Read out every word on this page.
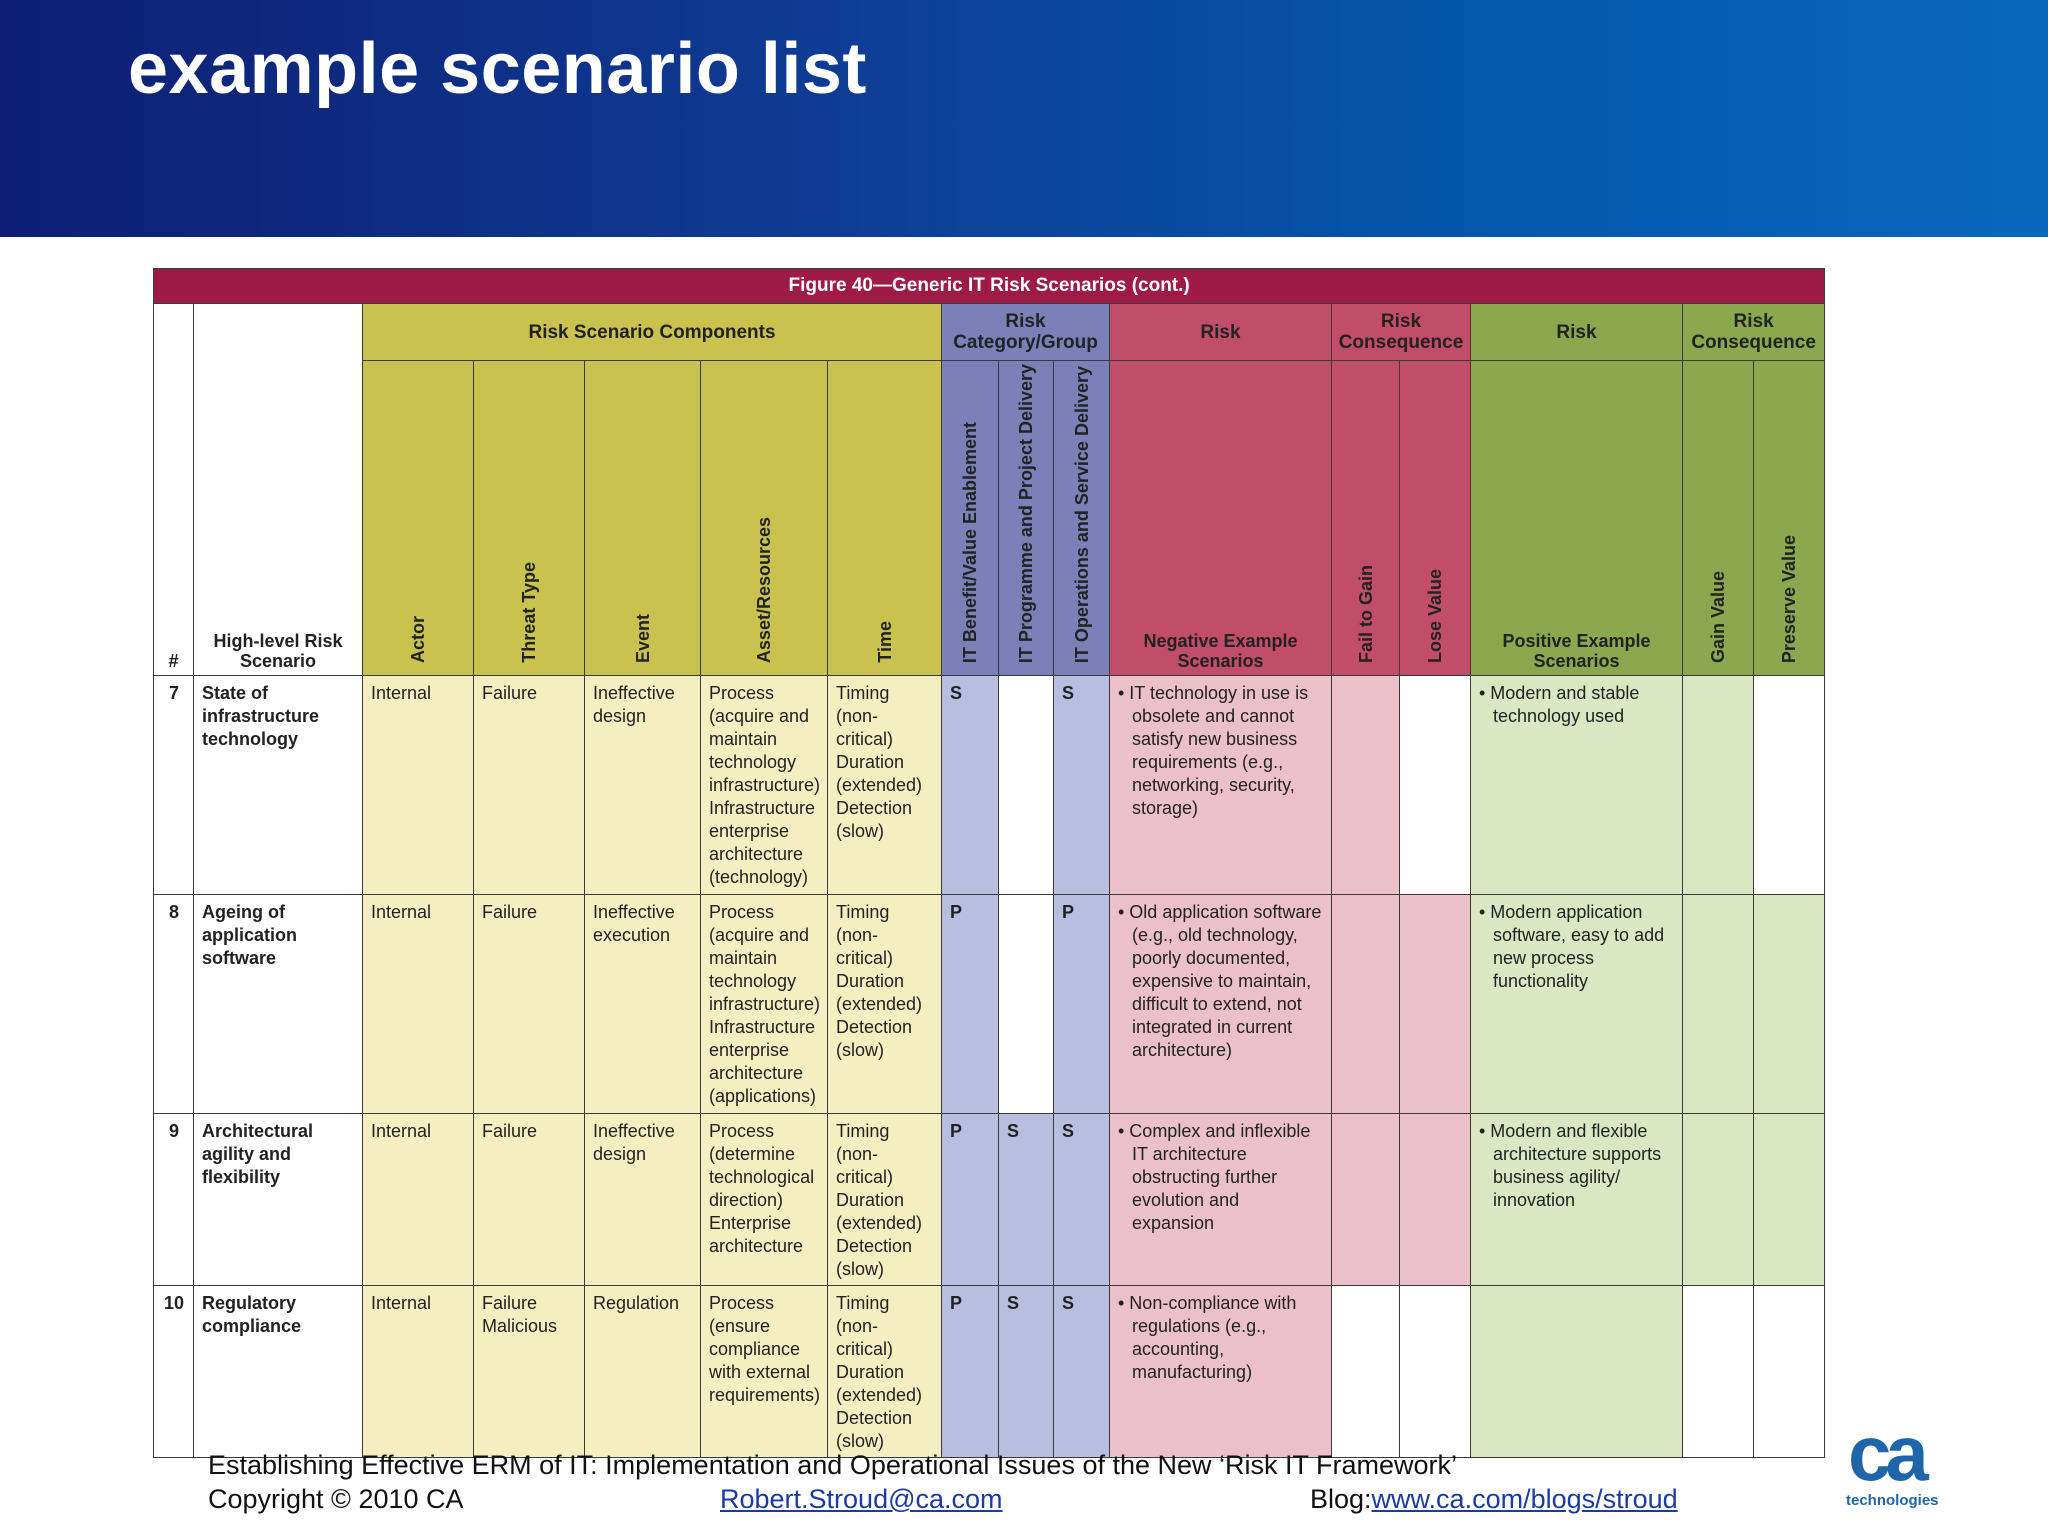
example scenario list
Figure 40—Generic IT Risk Scenarios (cont.)															
#	High-level Risk Scenario	Risk Scenario Components					Risk Category/Group			Risk	Risk Consequence		Risk	Risk Consequence	
		Actor	Threat Type	Event	Asset/Resources	Time	IT Benefit/Value Enablement	IT Programme and Project Delivery	IT Operations and Service Delivery	Negative Example Scenarios	Fail to Gain	Lose Value	Positive Example Scenarios	Gain Value	Preserve Value
7	State of infrastructure technology	Internal	Failure	Ineffective design	Process (acquire and maintain technology infrastructure) Infrastructure enterprise architecture (technology)	Timing (non-critical) Duration (extended) Detection (slow)	S		S	• IT technology in use is obsolete and cannot satisfy new business requirements (e.g., networking, security, storage)			• Modern and stable technology used		

8	Ageing of application software	Internal	Failure	Ineffective execution	Process (acquire and maintain technology infrastructure) Infrastructure enterprise architecture (applications)	Timing (non-critical) Duration (extended) Detection (slow)	P		P	• Old application software (e.g., old technology, poorly documented, expensive to maintain, difficult to extend, not integrated in current architecture)			• Modern application software, easy to add new process functionality		

9	Architectural agility and flexibility	Internal	Failure	Ineffective design	Process (determine technological direction) Enterprise architecture	Timing (non-critical) Duration (extended) Detection (slow)	P	S	S	• Complex and inflexible IT architecture obstructing further evolution and expansion			• Modern and flexible architecture supports business agility/ innovation		

10	Regulatory compliance	Internal	Failure Malicious	Regulation	Process (ensure compliance with external requirements)	Timing (non-critical) Duration (extended) Detection (slow)	P	S	S	• Non-compliance with regulations (e.g., accounting, manufacturing)					

Establishing Effective ERM of IT: Implementation and Operational Issues of the New ‘Risk IT Framework’
Copyright © 2010 CA	Robert.Stroud@ca.com	Blog:www.ca.com/blogs/stroud
ca
technologies
